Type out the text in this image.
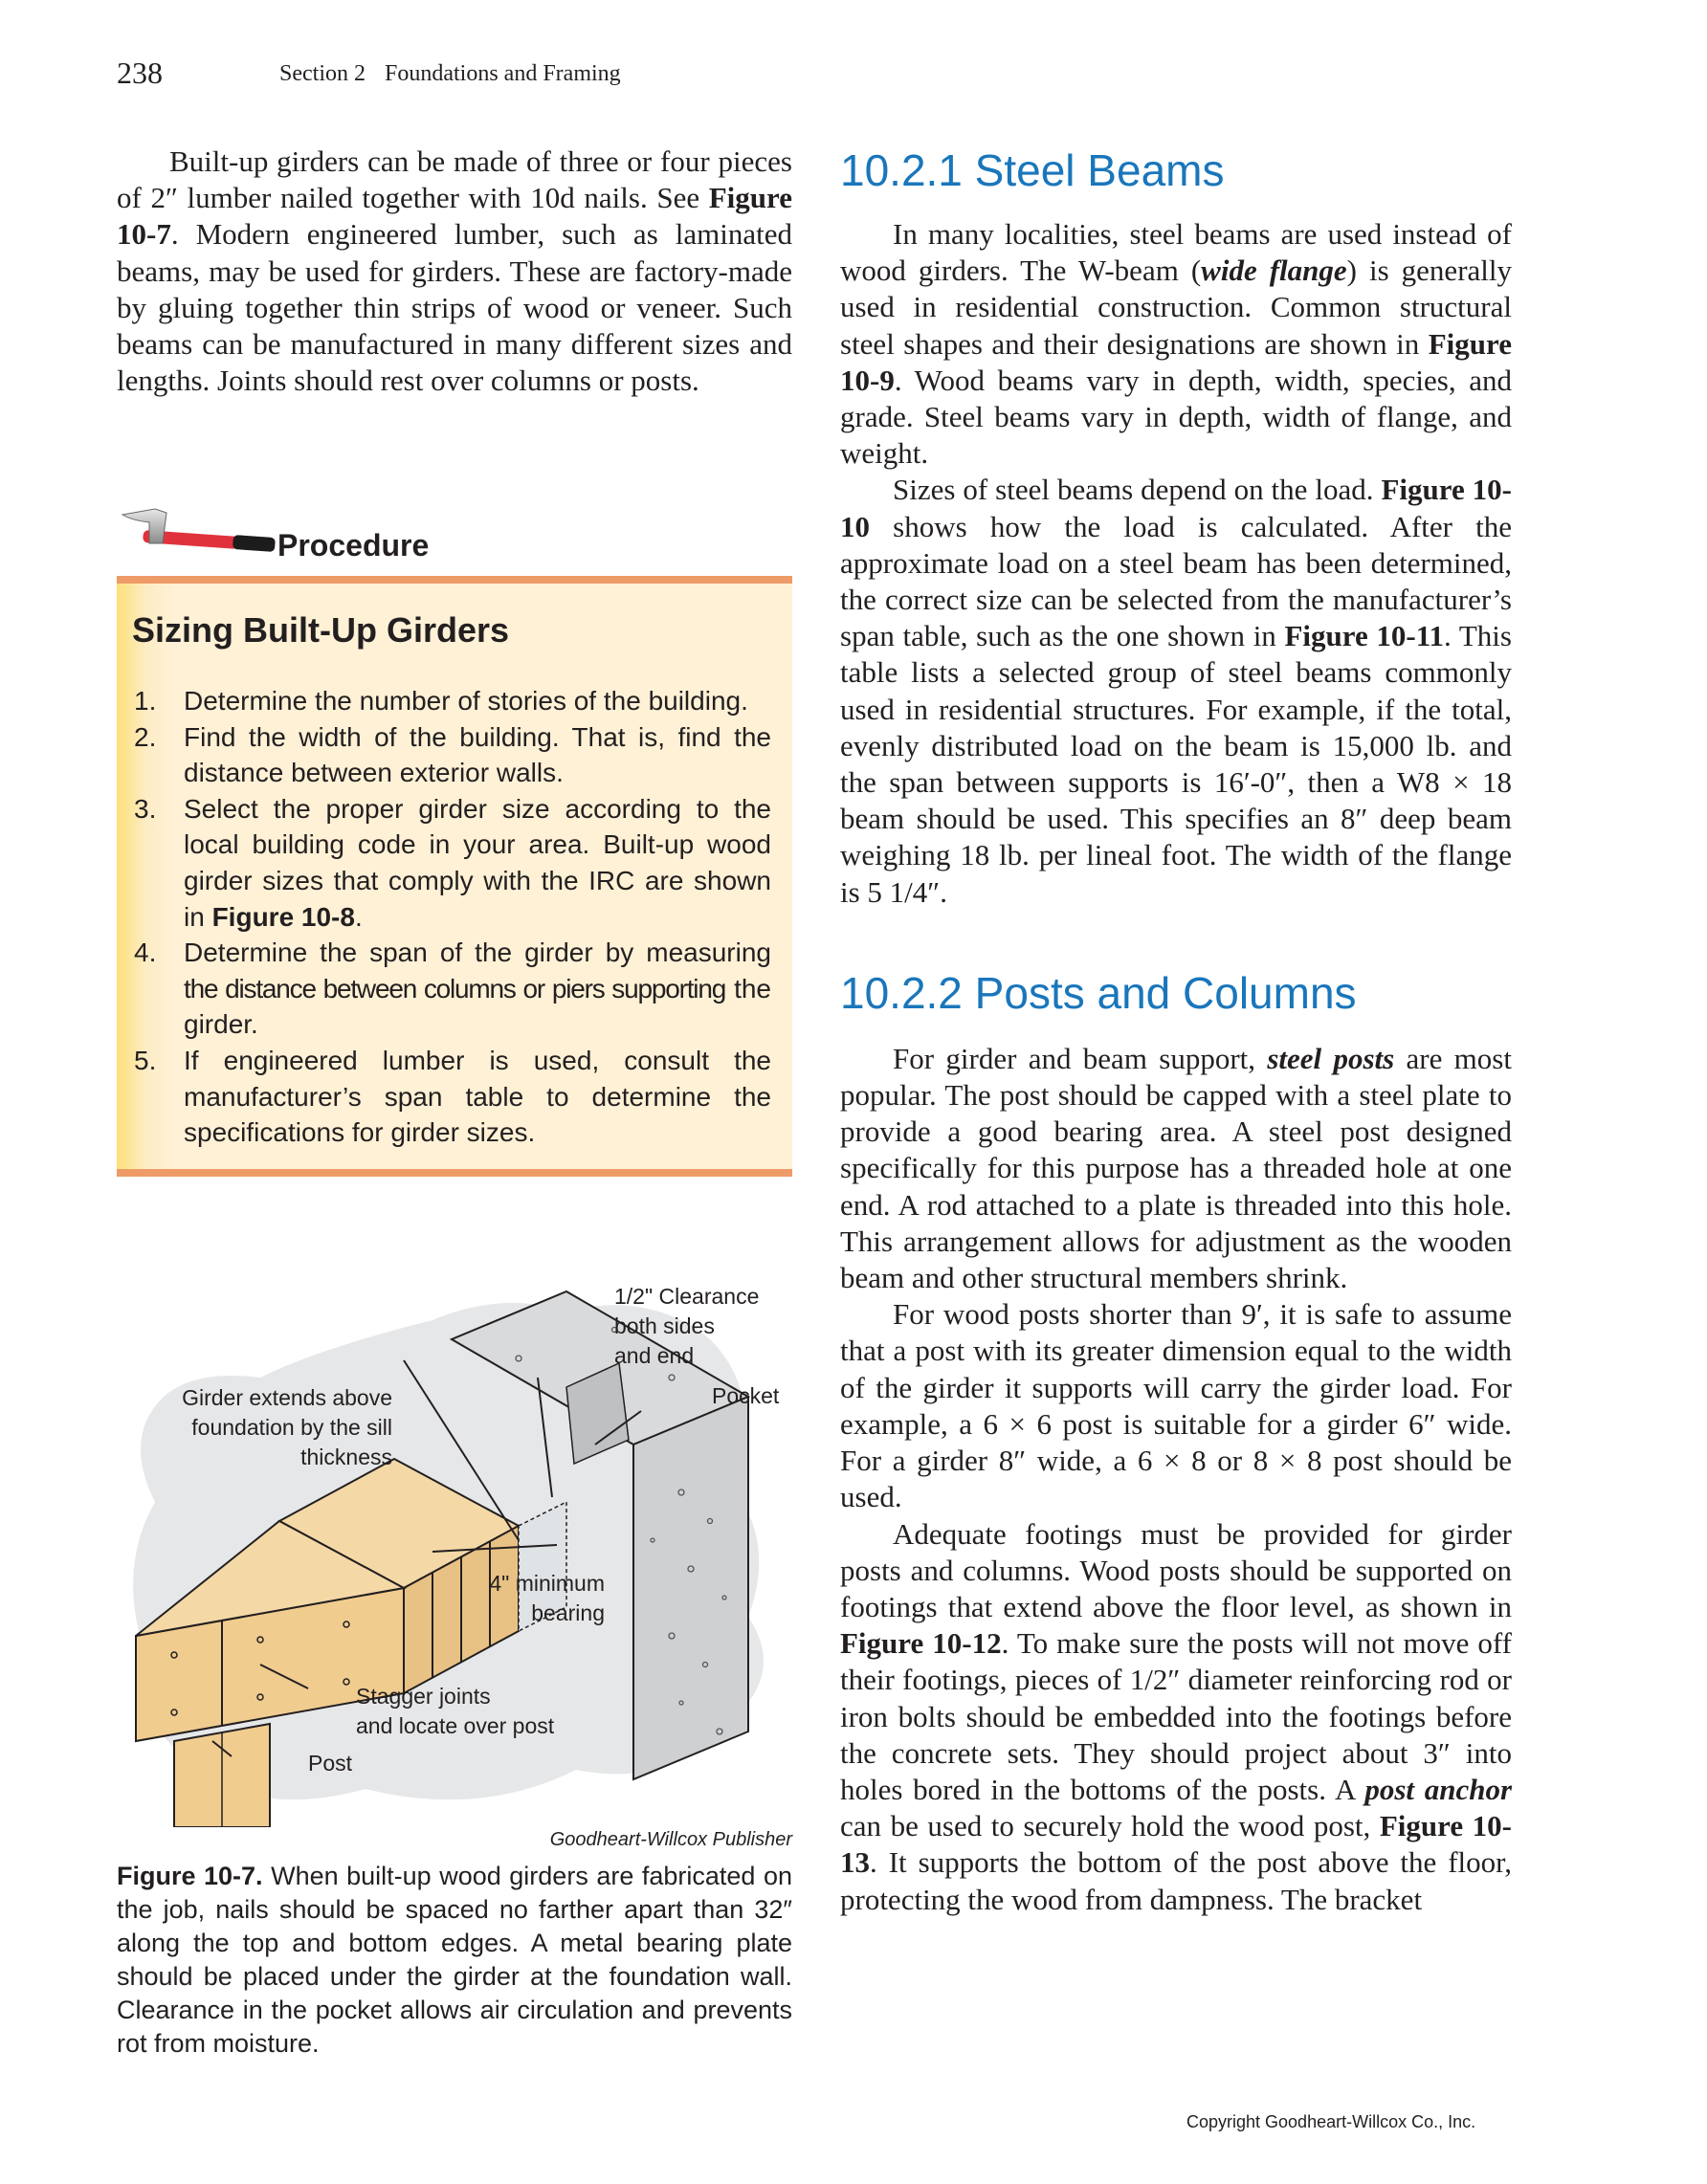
238	Section 2 Foundations and Framing

Built-up girders can be made of three or four pieces of 2″ lumber nailed together with 10d nails. See Figure 10-7. Modern engineered lumber, such as laminated beams, may be used for girders. These are factory-made by gluing together thin strips of wood or veneer. Such beams can be manufactured in many different sizes and lengths. Joints should rest over columns or posts.

Procedure
Sizing Built-Up Girders
1. Determine the number of stories of the building.
2. Find the width of the building. That is, find the distance between exterior walls.
3. Select the proper girder size according to the local building code in your area. Built-up wood girder sizes that comply with the IRC are shown in Figure 10-8.
4. Determine the span of the girder by measuring the distance between columns or piers supporting the girder.
5. If engineered lumber is used, consult the manufacturer’s span table to determine the specifications for girder sizes.
1/2" Clearance
both sides
and end
Pocket
Girder extends above
foundation by the sill
thickness
4" minimum
bearing
Stagger joints
and locate over post
Post
Goodheart-Willcox Publisher
Figure 10-7. When built-up wood girders are fabricated on the job, nails should be spaced no farther apart than 32″ along the top and bottom edges. A metal bearing plate should be placed under the girder at the foundation wall. Clearance in the pocket allows air circulation and prevents rot from moisture.
10.2.1 Steel Beams

In many localities, steel beams are used instead of wood girders. The W-beam (wide flange) is generally used in residential construction. Common structural steel shapes and their designations are shown in Figure 10-9. Wood beams vary in depth, width, species, and grade. Steel beams vary in depth, width of flange, and weight.

Sizes of steel beams depend on the load. Figure 10-10 shows how the load is calculated. After the approximate load on a steel beam has been determined, the correct size can be selected from the manufacturer’s span table, such as the one shown in Figure 10-11. This table lists a selected group of steel beams commonly used in residential structures. For example, if the total, evenly distributed load on the beam is 15,000 lb. and the span between supports is 16′-0″, then a W8 × 18 beam should be used. This specifies an 8″ deep beam weighing 18 lb. per lineal foot. The width of the flange is 5 1/4″.

10.2.2 Posts and Columns

For girder and beam support, steel posts are most popular. The post should be capped with a steel plate to provide a good bearing area. A steel post designed specifically for this purpose has a threaded hole at one end. A rod attached to a plate is threaded into this hole. This arrangement allows for adjustment as the wooden beam and other structural members shrink.

For wood posts shorter than 9′, it is safe to assume that a post with its greater dimension equal to the width of the girder it supports will carry the girder load. For example, a 6 × 6 post is suitable for a girder 6″ wide. For a girder 8″ wide, a 6 × 8 or 8 × 8 post should be used.

Adequate footings must be provided for girder posts and columns. Wood posts should be supported on footings that extend above the floor level, as shown in Figure 10-12. To make sure the posts will not move off their footings, pieces of 1/2″ diameter reinforcing rod or iron bolts should be embedded into the footings before the concrete sets. They should project about 3″ into holes bored in the bottoms of the posts. A post anchor can be used to securely hold the wood post, Figure 10-13. It supports the bottom of the post above the floor, protecting the wood from dampness. The bracket

Copyright Goodheart-Willcox Co., Inc.
